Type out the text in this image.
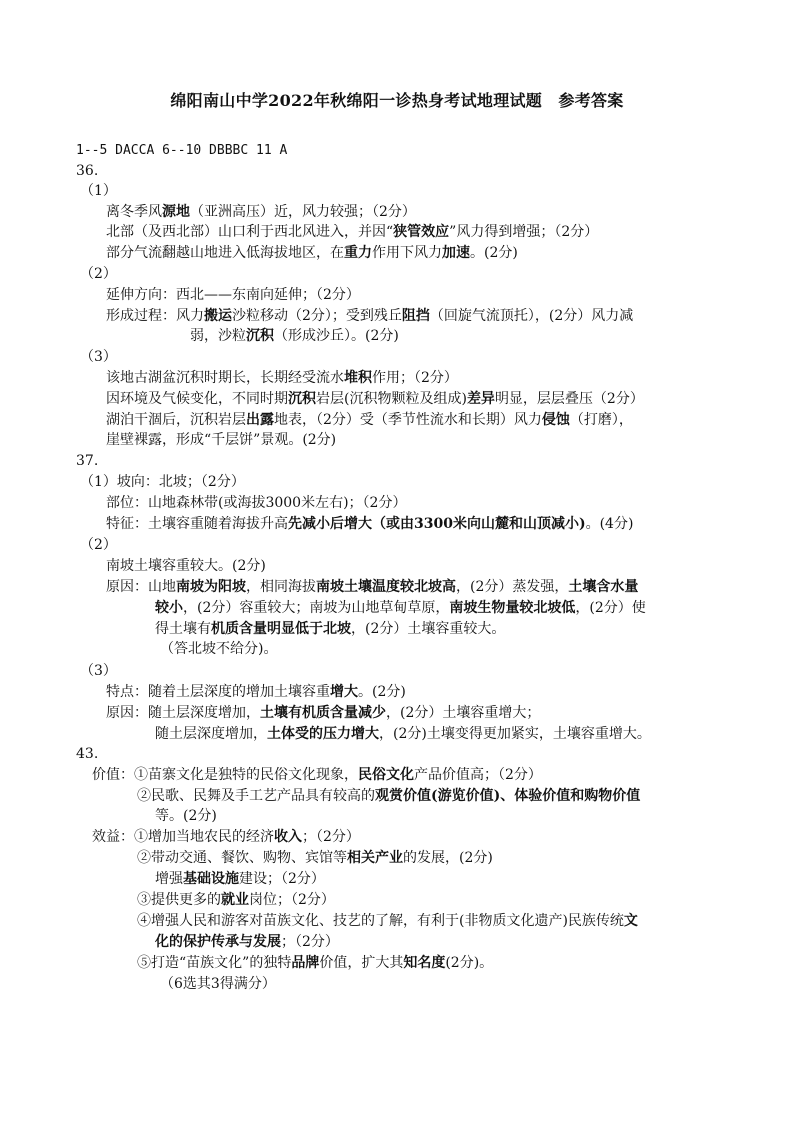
绵阳南山中学2022年秋绵阳一诊热身考试地理试题　参考答案
1--5 DACCA 6--10 DBBBC 11 A
36.
（1）
离冬季风源地（亚洲高压）近，风力较强；（2分）
北部（及西北部）山口利于西北风进入，并因“狭管效应”风力得到增强；（2分）
部分气流翻越山地进入低海拔地区，在重力作用下风力加速。(2分)
（2）
延伸方向：西北——东南向延伸；（2分）
形成过程：风力搬运沙粒移动（2分）；受到残丘阻挡（回旋气流顶托），(2分）风力减
弱，沙粒沉积（形成沙丘）。(2分)
（3）
该地古湖盆沉积时期长，长期经受流水堆积作用；（2分）
因环境及气候变化，不同时期沉积岩层(沉积物颗粒及组成)差异明显，层层叠压（2分）
湖泊干涸后，沉积岩层出露地表，（2分）受（季节性流水和长期）风力侵蚀（打磨），
崖壁裸露，形成“千层饼”景观。(2分)
37.
（1）坡向：北坡；（2分）
部位：山地森林带(或海拔3000米左右)；（2分）
特征：土壤容重随着海拔升高先减小后增大（或由3300米向山麓和山顶减小)。(4分)
（2）
南坡土壤容重较大。(2分)
原因：山地南坡为阳坡，相同海拔南坡土壤温度较北坡高，(2分）蒸发强，土壤含水量
较小，(2分）容重较大；南坡为山地草甸草原，南坡生物量较北坡低，(2分）使
得土壤有机质含量明显低于北坡，(2分）土壤容重较大。
（答北坡不给分)。
（3）
特点：随着土层深度的增加土壤容重增大。(2分)
原因：随土层深度增加，土壤有机质含量减少，(2分）土壤容重增大；
随土层深度增加，土体受的压力增大，(2分)土壤变得更加紧实，土壤容重增大。
43.
价值：①苗寨文化是独特的民俗文化现象，民俗文化产品价值高；（2分）
②民歌、民舞及手工艺产品具有较高的观赏价值(游览价值)、体验价值和购物价值
等。(2分)
效益：①增加当地农民的经济收入；（2分）
②带动交通、餐饮、购物、宾馆等相关产业的发展，(2分)
增强基础设施建设；（2分）
③提供更多的就业岗位；（2分）
④增强人民和游客对苗族文化、技艺的了解，有利于(非物质文化遗产)民族传统文
化的保护传承与发展；（2分）
⑤打造“苗族文化”的独特品牌价值，扩大其知名度(2分)。
（6选其3得满分）
